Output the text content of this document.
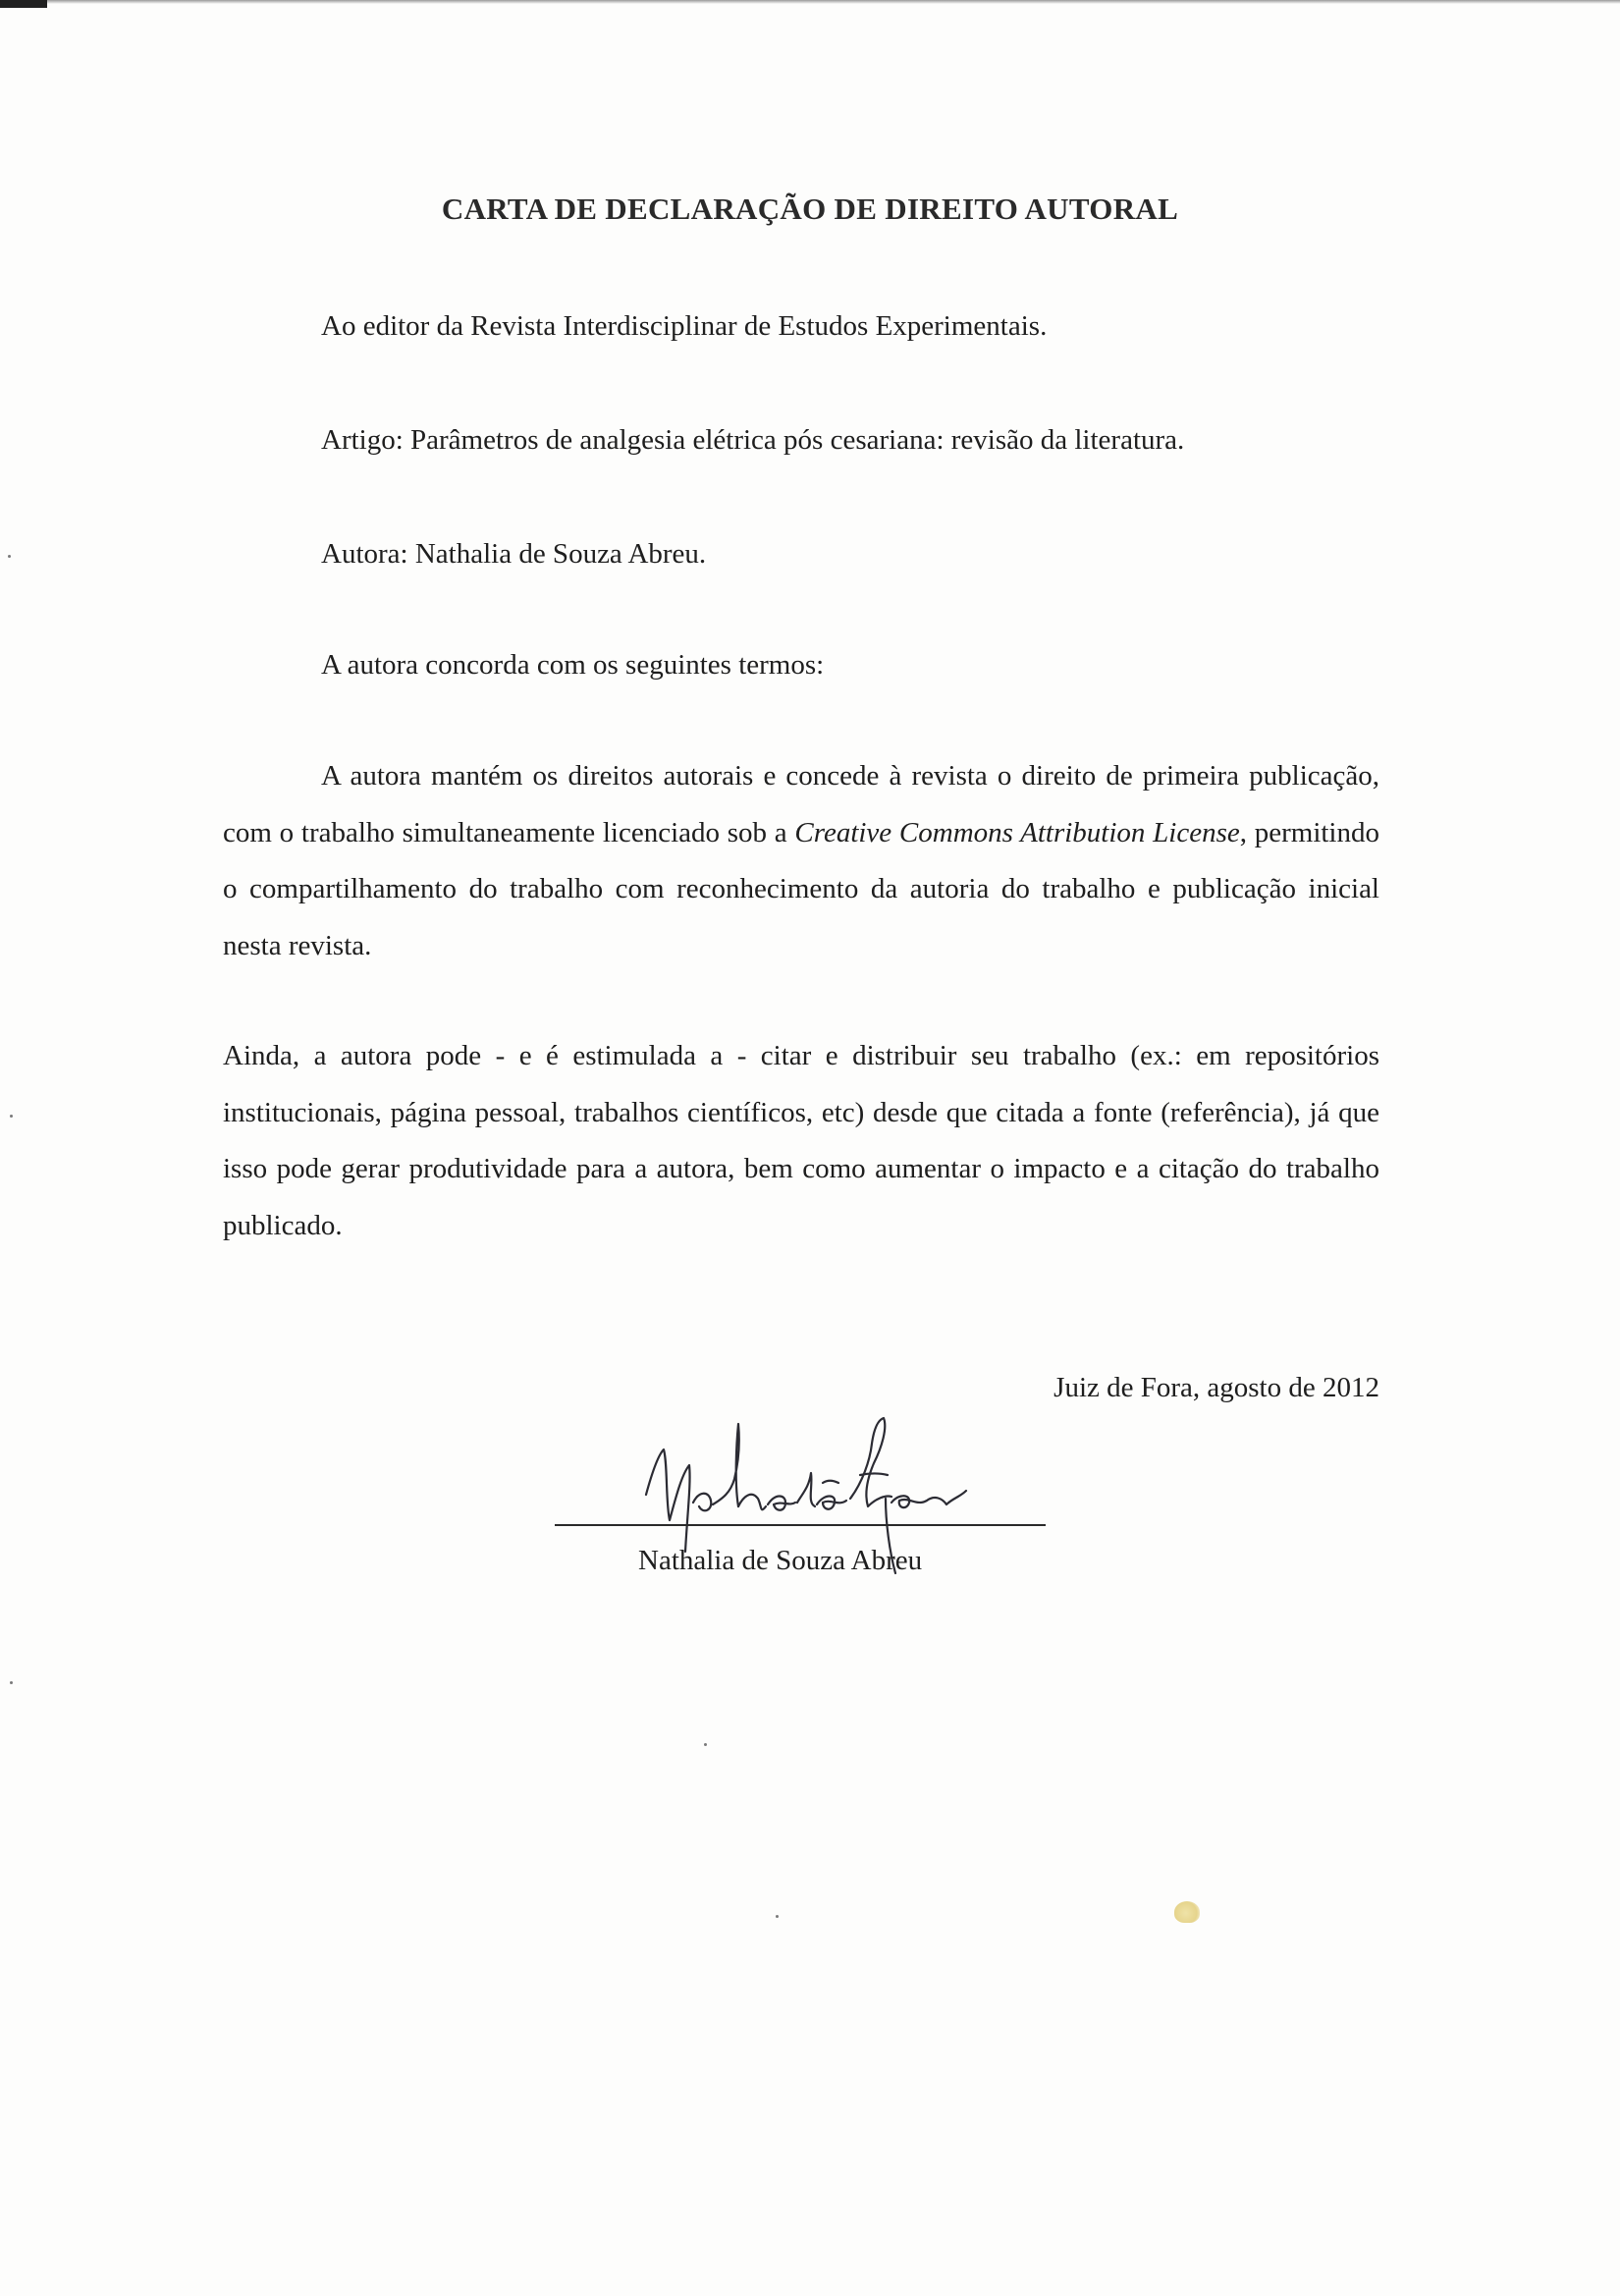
CARTA DE DECLARAÇÃO DE DIREITO AUTORAL
Ao editor da Revista Interdisciplinar de Estudos Experimentais.
Artigo: Parâmetros de analgesia elétrica pós cesariana: revisão da literatura.
Autora: Nathalia de Souza Abreu.
A autora concorda com os seguintes termos:
A autora mantém os direitos autorais e concede à revista o direito de primeira publicação, com o trabalho simultaneamente licenciado sob a Creative Commons Attribution License, permitindo o compartilhamento do trabalho com reconhecimento da autoria do trabalho e publicação inicial nesta revista.
Ainda, a autora pode - e é estimulada a - citar e distribuir seu trabalho (ex.: em repositórios institucionais, página pessoal, trabalhos científicos, etc) desde que citada a fonte (referência), já que isso pode gerar produtividade para a autora, bem como aumentar o impacto e a citação do trabalho publicado.
Juiz de Fora, agosto de 2012
Nathalia de Souza Abreu
